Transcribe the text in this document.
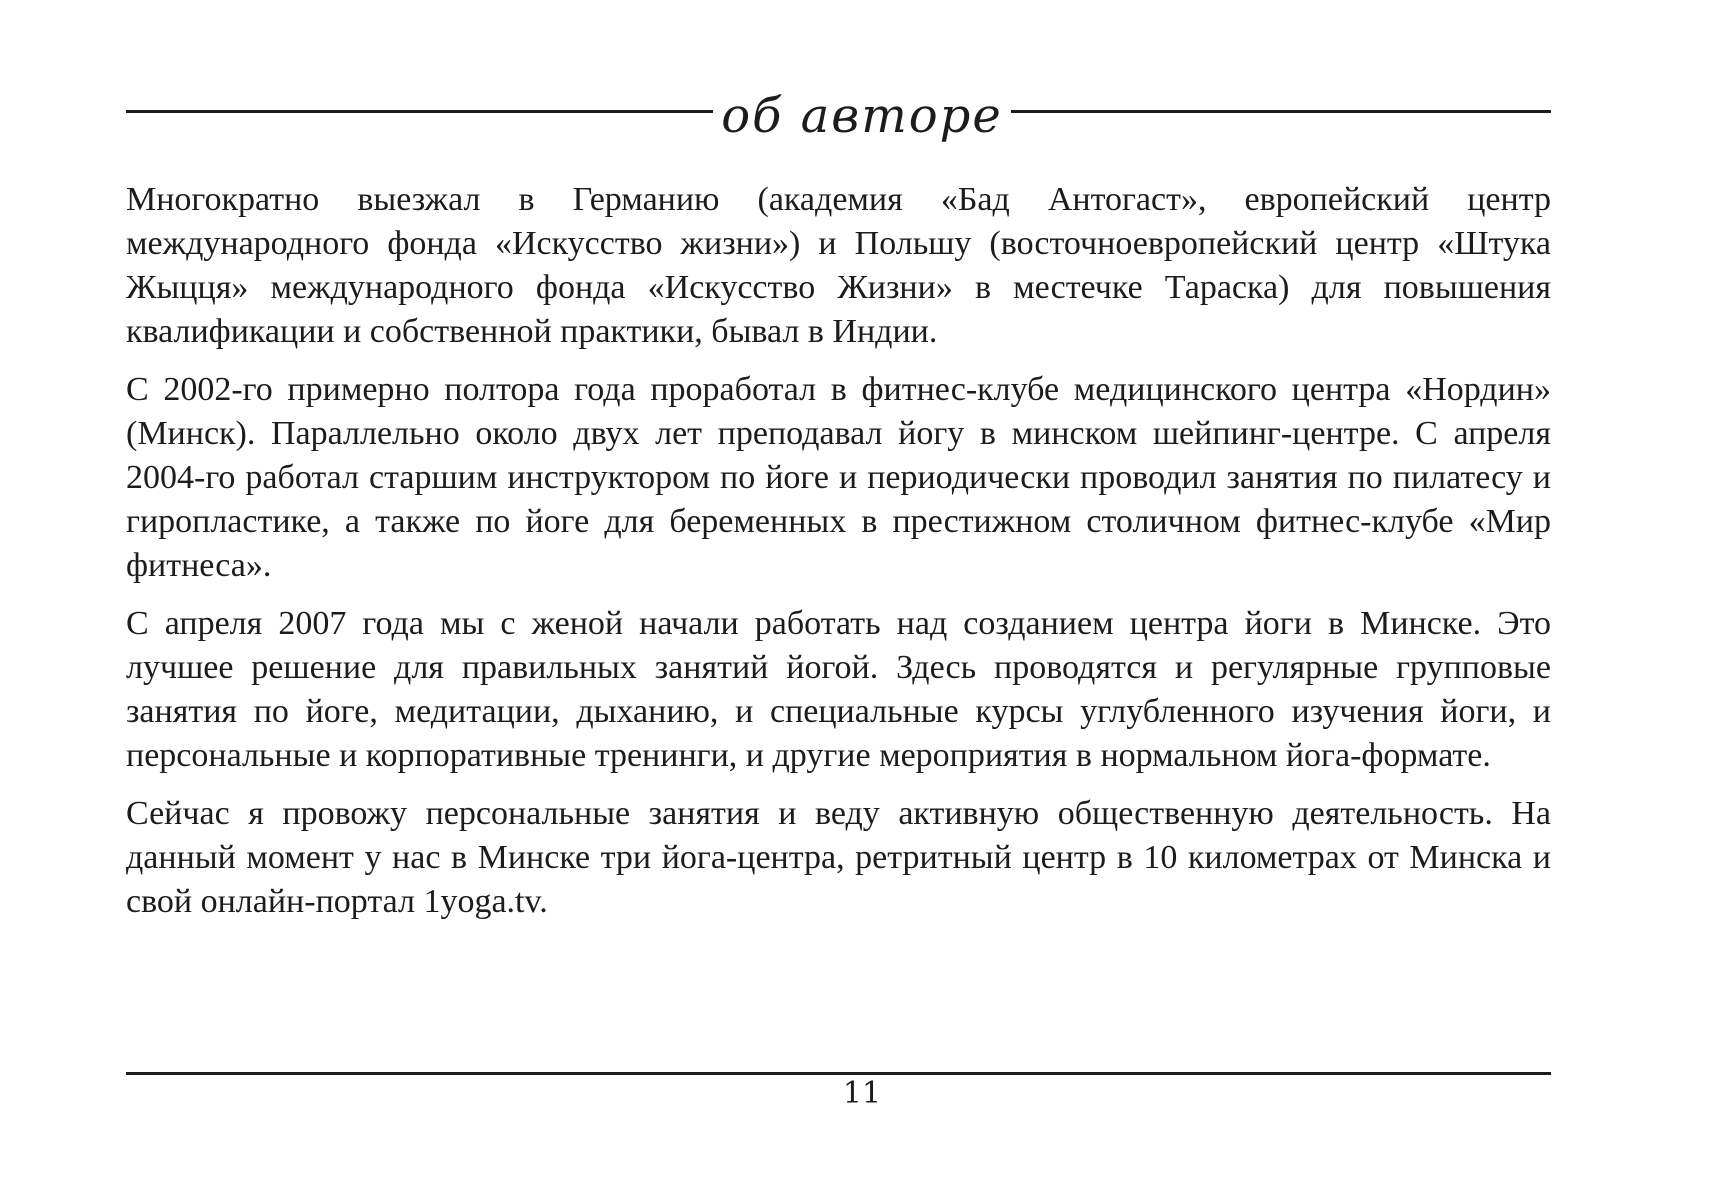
об авторе

Многократно выезжал в Германию (академия «Бад Антогаст», европейский центр международного фонда «Искусство жизни») и Польшу (восточноевропейский центр «Штука Жыцця» международного фонда «Искусство Жизни» в местечке Тараска) для повышения квалификации и собственной практики, бывал в Индии.

С 2002-го примерно полтора года проработал в фитнес-клубе медицинского центра «Нордин» (Минск). Параллельно около двух лет преподавал йогу в минском шейпинг-центре. С апреля 2004-го работал старшим инструктором по йоге и периодически проводил занятия по пилатесу и гиропластике, а также по йоге для беременных в престижном столичном фитнес-клубе «Мир фитнеса».

С апреля 2007 года мы с женой начали работать над созданием центра йоги в Минске. Это лучшее решение для правильных занятий йогой. Здесь проводятся и регулярные групповые занятия по йоге, медитации, дыханию, и специальные курсы углубленного изучения йоги, и персональные и корпоративные тренинги, и другие мероприятия в нормальном йога-формате.

Сейчас я провожу персональные занятия и веду активную общественную деятельность. На данный момент у нас в Минске три йога-центра, ретритный центр в 10 километрах от Минска и свой онлайн-портал 1yoga.tv.

11
